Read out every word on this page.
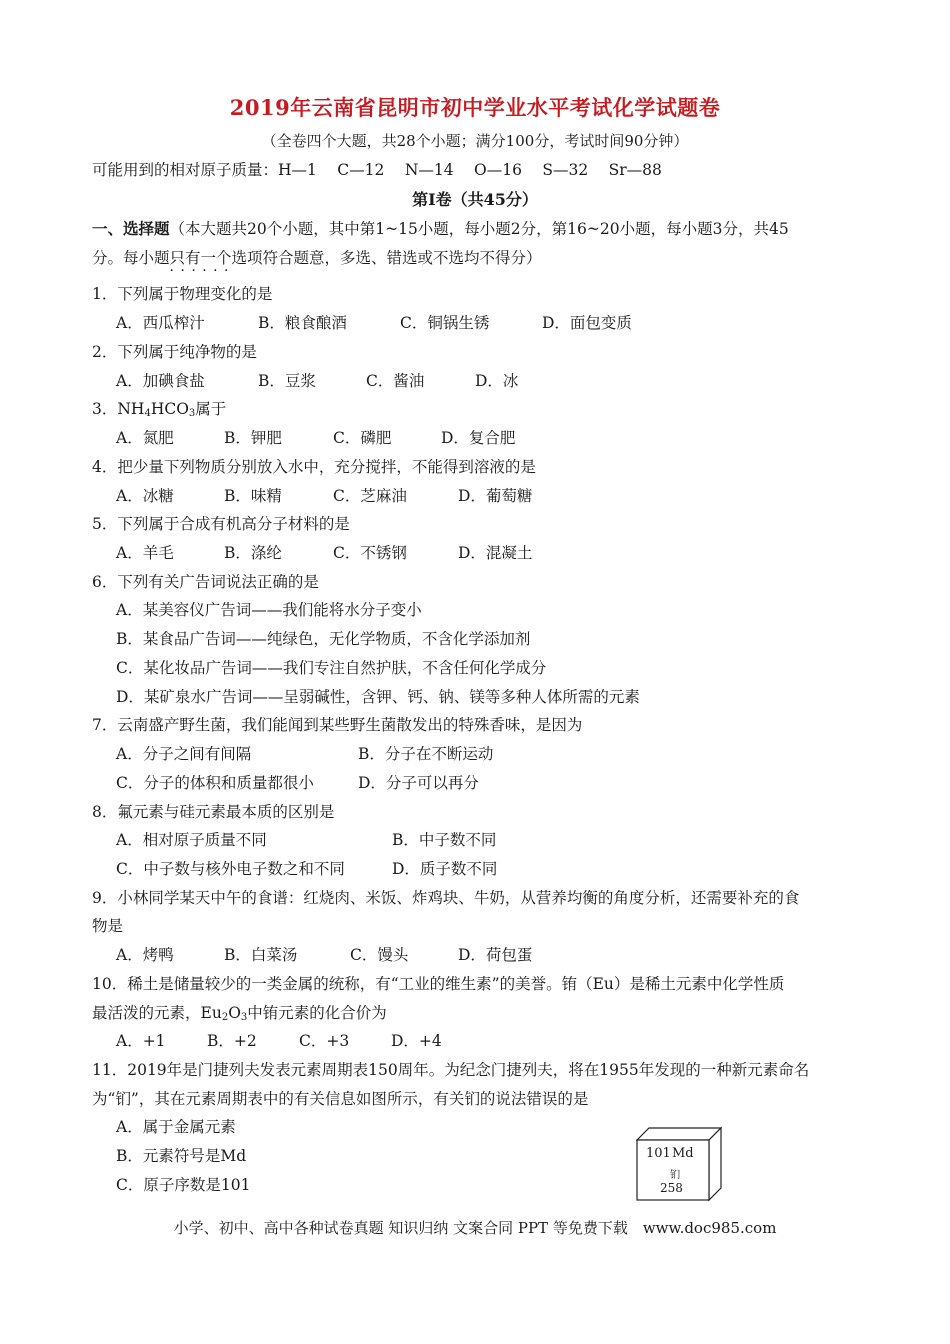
2019年云南省昆明市初中学业水平考试化学试题卷
（全卷四个大题，共28个小题；满分100分，考试时间90分钟）
可能用到的相对原子质量：H—1　 C—12　 N—14　 O—16　 S—32　 Sr—88
第Ⅰ卷（共45分）
一、选择题（本大题共20个小题，其中第1~15小题，每小题2分，第16~20小题，每小题3分，共45
分。每小题只有一个选项 · · ·符合题意，多选、错选或不选均不得分）
1．下列属于物理变化的是
A．西瓜榨汁	B．粮食酿酒	C．铜锅生锈	D．面包变质
2．下列属于纯净物的是
A．加碘食盐	B．豆浆	C．酱油	D．冰
3．$NH_4HCO_3$属于
A．氮肥	B．钾肥	C．磷肥	D．复合肥
4．把少量下列物质分别放入水中，充分搅拌，不能得到溶液的是
A．冰糖	B．味精	C．芝麻油	D．葡萄糖
5．下列属于合成有机高分子材料的是
A．羊毛	B．涤纶	C．不锈钢	D．混凝土
6．下列有关广告词说法正确的是
A．某美容仪广告词——我们能将水分子变小
B．某食品广告词——纯绿色，无化学物质，不含化学添加剂
C．某化妆品广告词——我们专注自然护肤，不含任何化学成分
D．某矿泉水广告词——呈弱碱性，含钾、钙、钠、镁等多种人体所需的元素
7．云南盛产野生菌，我们能闻到某些野生菌散发出的特殊香味，是因为
A．分子之间有间隔	B．分子在不断运动
C．分子的体积和质量都很小	D．分子可以再分
8．氟元素与硅元素最本质的区别是
A．相对原子质量不同	B．中子数不同
C．中子数与核外电子数之和不同	D．质子数不同
9．小林同学某天中午的食谱：红烧肉、米饭、炸鸡块、牛奶，从营养均衡的角度分析，还需要补充的食
物是
A．烤鸭	B．白菜汤	C．馒头	D．荷包蛋
10．稀土是储量较少的一类金属的统称，有“工业的维生素”的美誉。铕（Eu）是稀土元素中化学性质
最活泼的元素，$Eu_2O_3$中铕元素的化合价为
A．+1	B．+2	C．+3	D．+4
11．2019年是门捷列夫发表元素周期表150周年。为纪念门捷列夫，将在1955年发现的一种新元素命名
为“钔”，其在元素周期表中的有关信息如图所示，有关钔的说法错误的是
A．属于金属元素
B．元素符号是Md
C．原子序数是101
101 Md
钔
258
小学、初中、高中各种试卷真题 知识归纳 文案合同 PPT 等免费下载　www.doc985.com
